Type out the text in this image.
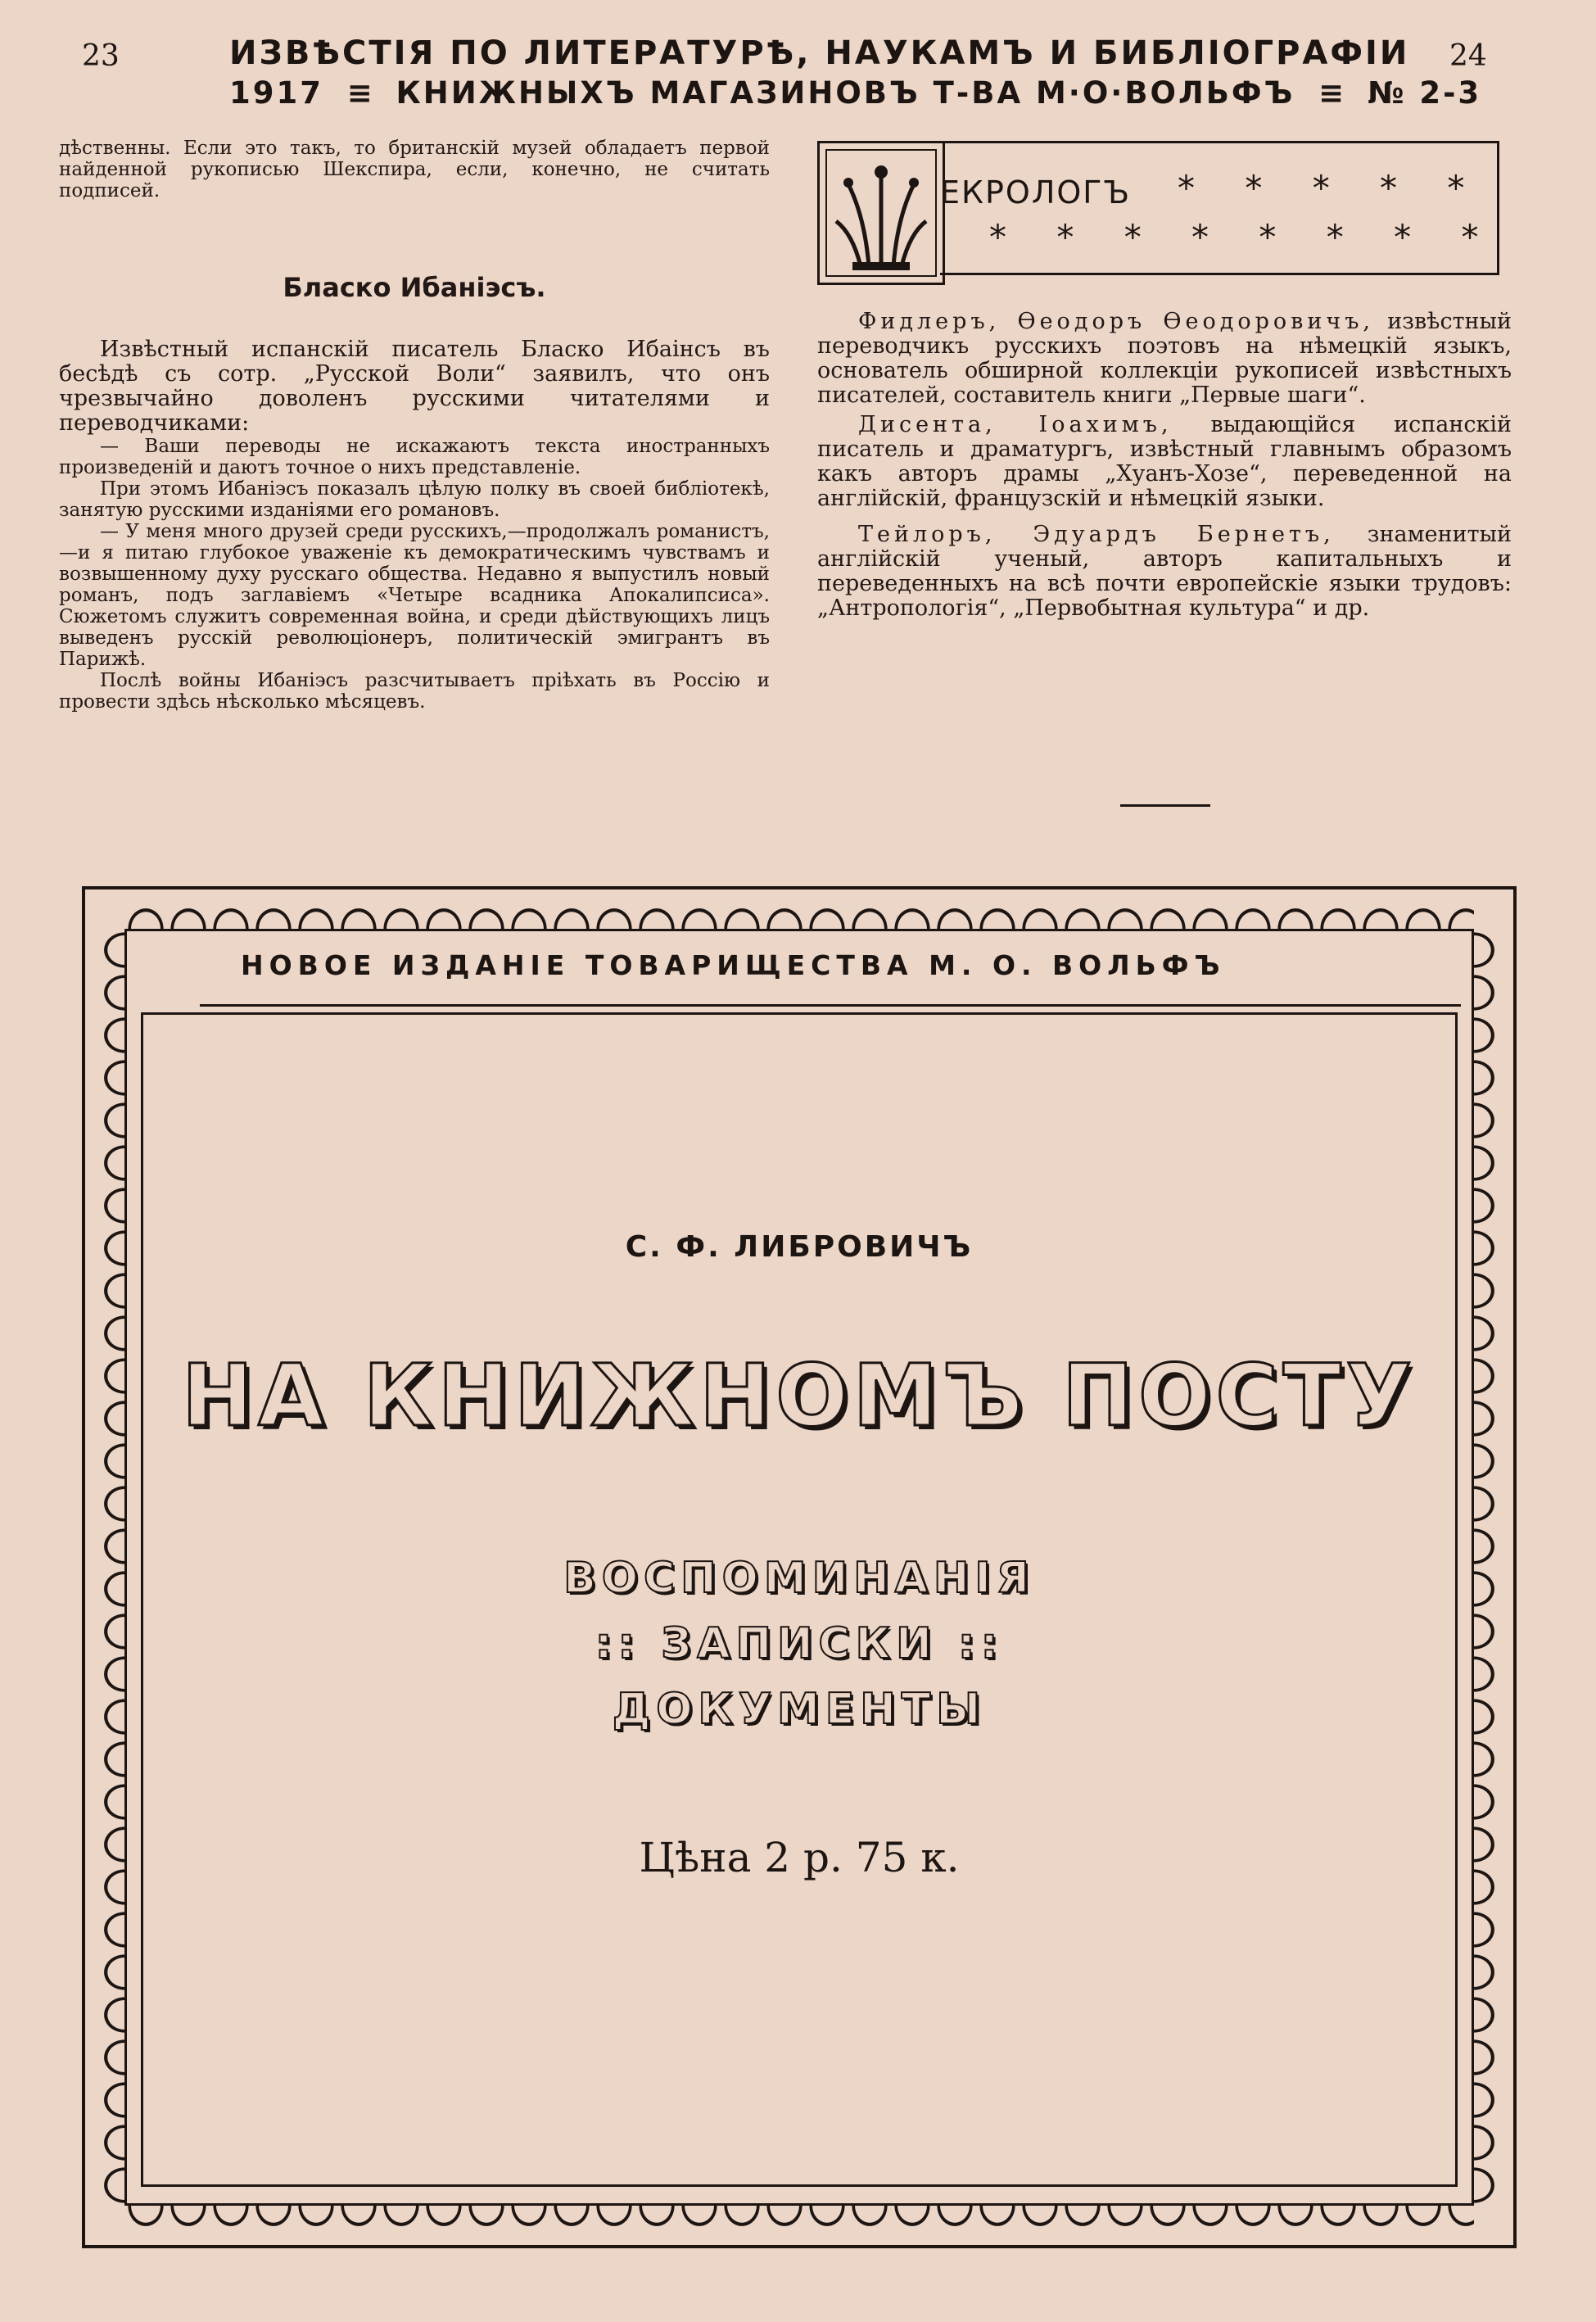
23	24
ИЗВѢСТІЯ ПО ЛИТЕРАТУРѢ, НАУКАМЪ И БИБЛІОГРАФІИ
1917  ≡  КНИЖНЫХЪ МАГАЗИНОВЪ Т-ВА М·О·ВОЛЬФЪ  ≡  № 2-3

дѣственны. Если это такъ, то британскій музей обладаетъ первой найденной рукописью Шекспира, если, конечно, не считать подписей.

Бласко Ибаніэсъ.

Извѣстный испанскій писатель Бласко Ибаінсъ въ бесѣдѣ съ сотр. „Русской Воли“ заявилъ, что онъ чрезвычайно доволенъ русскими читателями и переводчиками:

— Ваши переводы не искажаютъ текста иностранныхъ произведеній и даютъ точное о нихъ представленіе.

При этомъ Ибаніэсъ показалъ цѣлую полку въ своей библіотекѣ, занятую русскими изданіями его романовъ.

— У меня много друзей среди русскихъ,—продолжалъ романистъ,—и я питаю глубокое уваженіе къ демократическимъ чувствамъ и возвышенному духу русскаго общества. Недавно я выпустилъ новый романъ, подъ заглавіемъ «Четыре всадника Апокалипсиса». Сюжетомъ служитъ современная война, и среди дѣйствующихъ лицъ выведенъ русскій революціонеръ, политическій эмигрантъ въ Парижѣ.

Послѣ войны Ибаніэсъ разсчитываетъ пріѣхать въ Россію и провести здѣсь нѣсколько мѣсяцевъ.

ЕКРОЛОГЪ * * * * *
* * * * * * * *

Фидлеръ, Өеодоръ Өеодоровичъ, извѣстный переводчикъ русскихъ поэтовъ на нѣмецкій языкъ, основатель обширной коллекціи рукописей извѣстныхъ писателей, составитель книги „Первые шаги“.

Дисента, Іоахимъ, выдающійся испанскій писатель и драматургъ, извѣстный главнымъ образомъ какъ авторъ драмы „Хуанъ-Хозе“, переведенной на англійскій, французскій и нѣмецкій языки.

Тейлоръ, Эдуардъ Бернетъ, знаменитый англійскій ученый, авторъ капитальныхъ и переведенныхъ на всѣ почти европейскіе языки трудовъ: „Антропологія“, „Первобытная культура“ и др.

НОВОЕ ИЗДАНІЕ ТОВАРИЩЕСТВА М. О. ВОЛЬФЪ
С. Ф. ЛИБРОВИЧЪ
НА КНИЖНОМЪ ПОСТУ
ВОСПОМИНАНІЯ
:: ЗАПИСКИ ::
ДОКУМЕНТЫ
Цѣна 2 р. 75 к.
